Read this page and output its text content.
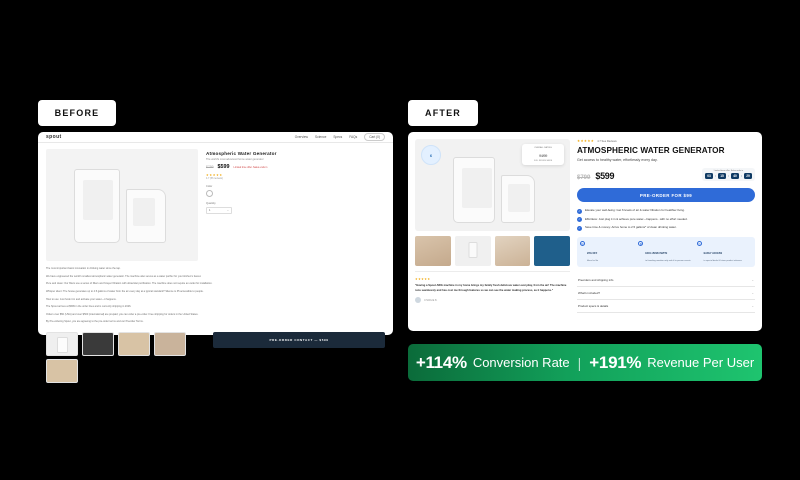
BEFORE	AFTER
spout	Overview Science Specs FAQs	Cart (0)
Atmospheric Water Generator
The world's most advanced home water generator
$799 $599 Limited time offer. Sales ends in
★★★★★
4.7 (56 reviews)
Color
Quantity
1	⌄

The most important basic innovation in drinking water since the tap.

We have engineered the world's smallest atmospheric water generator. The machine also serves as a water purifier for your kitchen's faucet.

Pure and clean: Our filters use a series of filters and 6-layer filtration with ultraviolet purification. The machine does not require an outlet for installation.

Whisper silent: The house generates up to 4.5 gallons of water from the air every day at a typical standard? Silence is 35 accessible to people.

How to use: Just hook it in and activate your water—it happens.

The Spout arrives at $599 in the order lines and is currently shipping in 2026.

Orders over $50 (USA) and over $500 (international) are prepaid; you can order a pre-order. Free shipping for orders in the United States.

By Pre-ordering Spout, you are agreeing to the pre-order terms and our Preorder Terms.

PRE-ORDER CONTACT — $599
6
OVERALL RATING
94/99
FULL REVIEW HERE
★★★★★
"Having a Spout AWG machine in my home brings my family fresh delicious water everyday, from the air! The machine runs seamlessly and has cost me through features so we can see the water making process, as it happens."
CHARLIE B.
★★★★★ 4.7 See Reviews
ATMOSPHERIC WATER GENERATOR
Get access to healthy water, effortlessly every day.
$799 $599	Limited time offer. Sales ends in
03	:	15	:	40	:	29
PRE-ORDER FOR $99
✓	Elevate your well-being: Get 6 levels of air & water filtration for healthier living.
✓	Effortless: Just plug it in & achieve pure water—happens...with no effort needed.
✓	Save time & money: Arrive home to 2.5 gallons* of clean drinking water.
%
20% OFF
filters for life
★
EXCLUSIVE INVITE
to founding member only web & in-person events
◷
EARLY ACCESS
to special deals & future product releases
Preorders and shipping info	⌄
What's included?	⌄
Product specs & details	⌄
+114% Conversion Rate | +191% Revenue Per User
